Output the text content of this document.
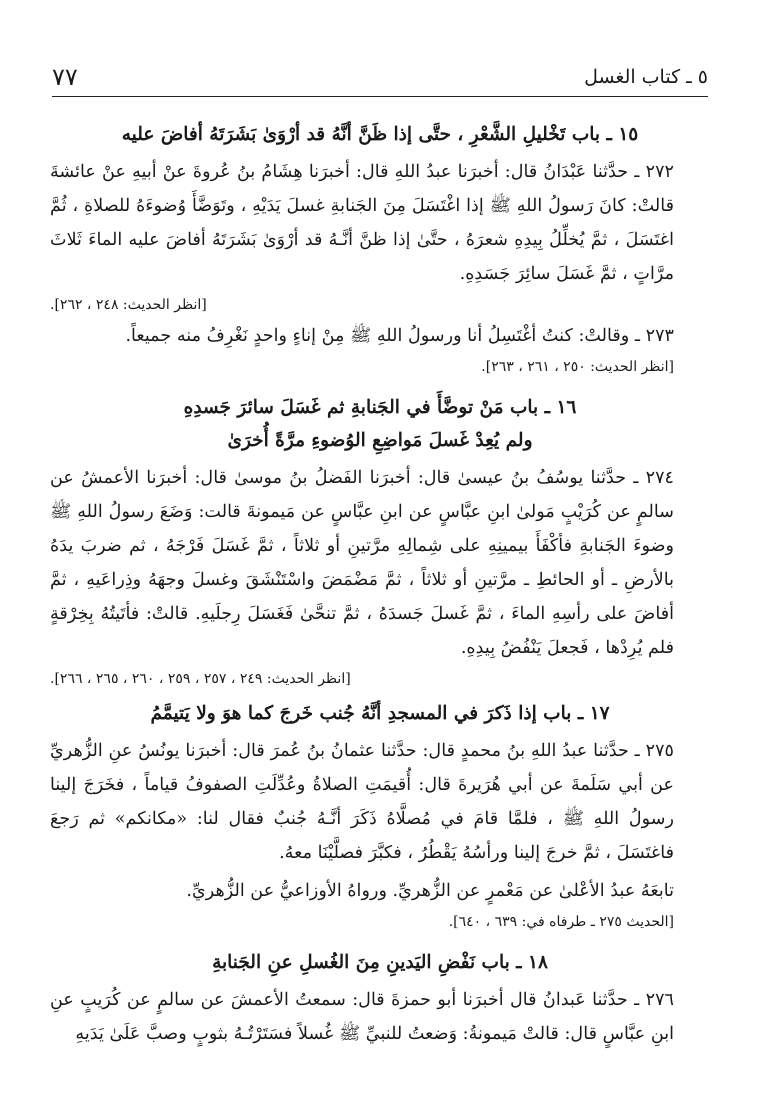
٧٧	٥ ـ كتاب الغسل
١٥ ـ باب تَخْليلِ الشَّعْرِ ، حتَّى إذا ظَنَّ أنَّهُ قد أرْوَىٰ بَشَرَتَهُ أفاضَ عليه

٢٧٢ ـ حدَّثنا عَبْدَانُ قال: أخبرَنا عبدُ اللهِ قال: أخبرَنا هِشَامُ بنُ عُروةَ عنْ أبيهِ عنْ عائشةَ قالتْ: كانَ رَسولُ اللهِ ﷺ إذا اغْتَسَلَ مِنَ الجَنابةِ غسلَ يَدَيْهِ ، وتَوَضَّأَ وُضوءَهُ للصلاةِ ، ثُمَّ اغتَسَلَ ، ثمَّ يُخلِّلُ بِيدِهِ شعرَهُ ، حتَّىٰ إذا ظنَّ أنَّـهُ قد أرْوَىٰ بَشَرَتَهُ أفاضَ عليه الماءَ ثَلاثَ مرَّاتٍ ، ثمَّ غَسَلَ سائِرَ جَسَدِهِ.

[انظر الحديث: ٢٤٨ ، ٢٦٢].

٢٧٣ ـ وقالتْ: كنتُ أغْتَسِلُ أنا ورسولُ اللهِ ﷺ مِنْ إناءٍ واحدٍ نَغْرِفُ منه جميعاً.

[انظر الحديث: ٢٥٠ ، ٢٦١ ، ٢٦٣].

١٦ ـ باب مَنْ توضَّأَ في الجَنابةِ ثم غَسَلَ سائرَ جَسدِهِ
ولم يُعِدْ غَسلَ مَواضِعِ الوُضوءِ مرَّةً أُخرَىٰ

٢٧٤ ـ حدَّثنا يوسُفُ بنُ عيسىٰ قال: أخبرَنا الفَضلُ بنُ موسىٰ قال: أخبرَنا الأعمشُ عن سالمٍ عن كُرَيْبٍ مَولىٰ ابنِ عبَّاسٍ عن ابنِ عبَّاسٍ عن مَيمونةَ قالت: وَضَعَ رسولُ اللهِ ﷺ وضوءَ الجَنابةِ فأكْفَأَ بيمينِهِ على شِمالِهِ مرَّتينِ أو ثلاثاً ، ثمَّ غَسَلَ فَرْجَهُ ، ثم ضربَ يدَهُ بالأرضِ ـ أو الحائطِ ـ مرَّتينِ أو ثلاثاً ، ثمَّ مَضْمَضَ واسْتَنْشَقَ وغسلَ وجهَهُ وذِراعَيهِ ، ثمَّ أفاضَ على رأسِهِ الماءَ ، ثمَّ غَسلَ جَسدَهُ ، ثمَّ تنحَّىٰ فَغَسَلَ رِجلَيهِ. قالتْ: فأتَيتُهُ بِخِرْقةٍ فلم يُرِدْها ، فَجعلَ يَنْفُضُ بِيدِهِ.

[انظر الحديث: ٢٤٩ ، ٢٥٧ ، ٢٥٩ ، ٢٦٠ ، ٢٦٥ ، ٢٦٦].

١٧ ـ باب إذا ذَكرَ في المسجدِ أنَّهُ جُنب خَرجَ كما هوَ ولا يَتيمَّمُ

٢٧٥ ـ حدَّثنا عبدُ اللهِ بنُ محمدٍ قال: حدَّثنا عثمانُ بنُ عُمرَ قال: أخبرَنا يونُسُ عنِ الزُّهريِّ عن أبي سَلَمةَ عن أبي هُرَيرةَ قال: أُقيمَتِ الصلاةُ وعُدِّلَتِ الصفوفُ قياماً ، فخَرَجَ إلينا رسولُ اللهِ ﷺ ، فلمَّا قامَ في مُصلَّاهُ ذَكَرَ أنَّـهُ جُنبٌ فقال لنا: «مكانكم» ثم رَجعَ فاغتَسَلَ ، ثمَّ خرجَ إلينا ورأسُهُ يَقْطُرُ ، فكبَّرَ فصلَّيْنَا معهُ.

تابعَهُ عبدُ الأعْلىٰ عن مَعْمرٍ عن الزُّهريِّ. ورواهُ الأوزاعيُّ عن الزُّهريِّ.

[الحديث ٢٧٥ ـ طرفاه في: ٦٣٩ ، ٦٤٠].

١٨ ـ باب نَفْضِ اليَدينِ مِنَ الغُسلِ عنِ الجَنابةِ

٢٧٦ ـ حدَّثنا عَبدانُ قال أخبرَنا أبو حمزةَ قال: سمعتُ الأعمشَ عن سالمٍ عن كُرَيبٍ عنِ ابنِ عبَّاسٍ قال: قالتْ مَيمونةُ: وَضعتُ للنبيِّ ﷺ غُسلاً فسَتَرْتُـهُ بثوبٍ وصبَّ عَلَىٰ يَدَيهِ
